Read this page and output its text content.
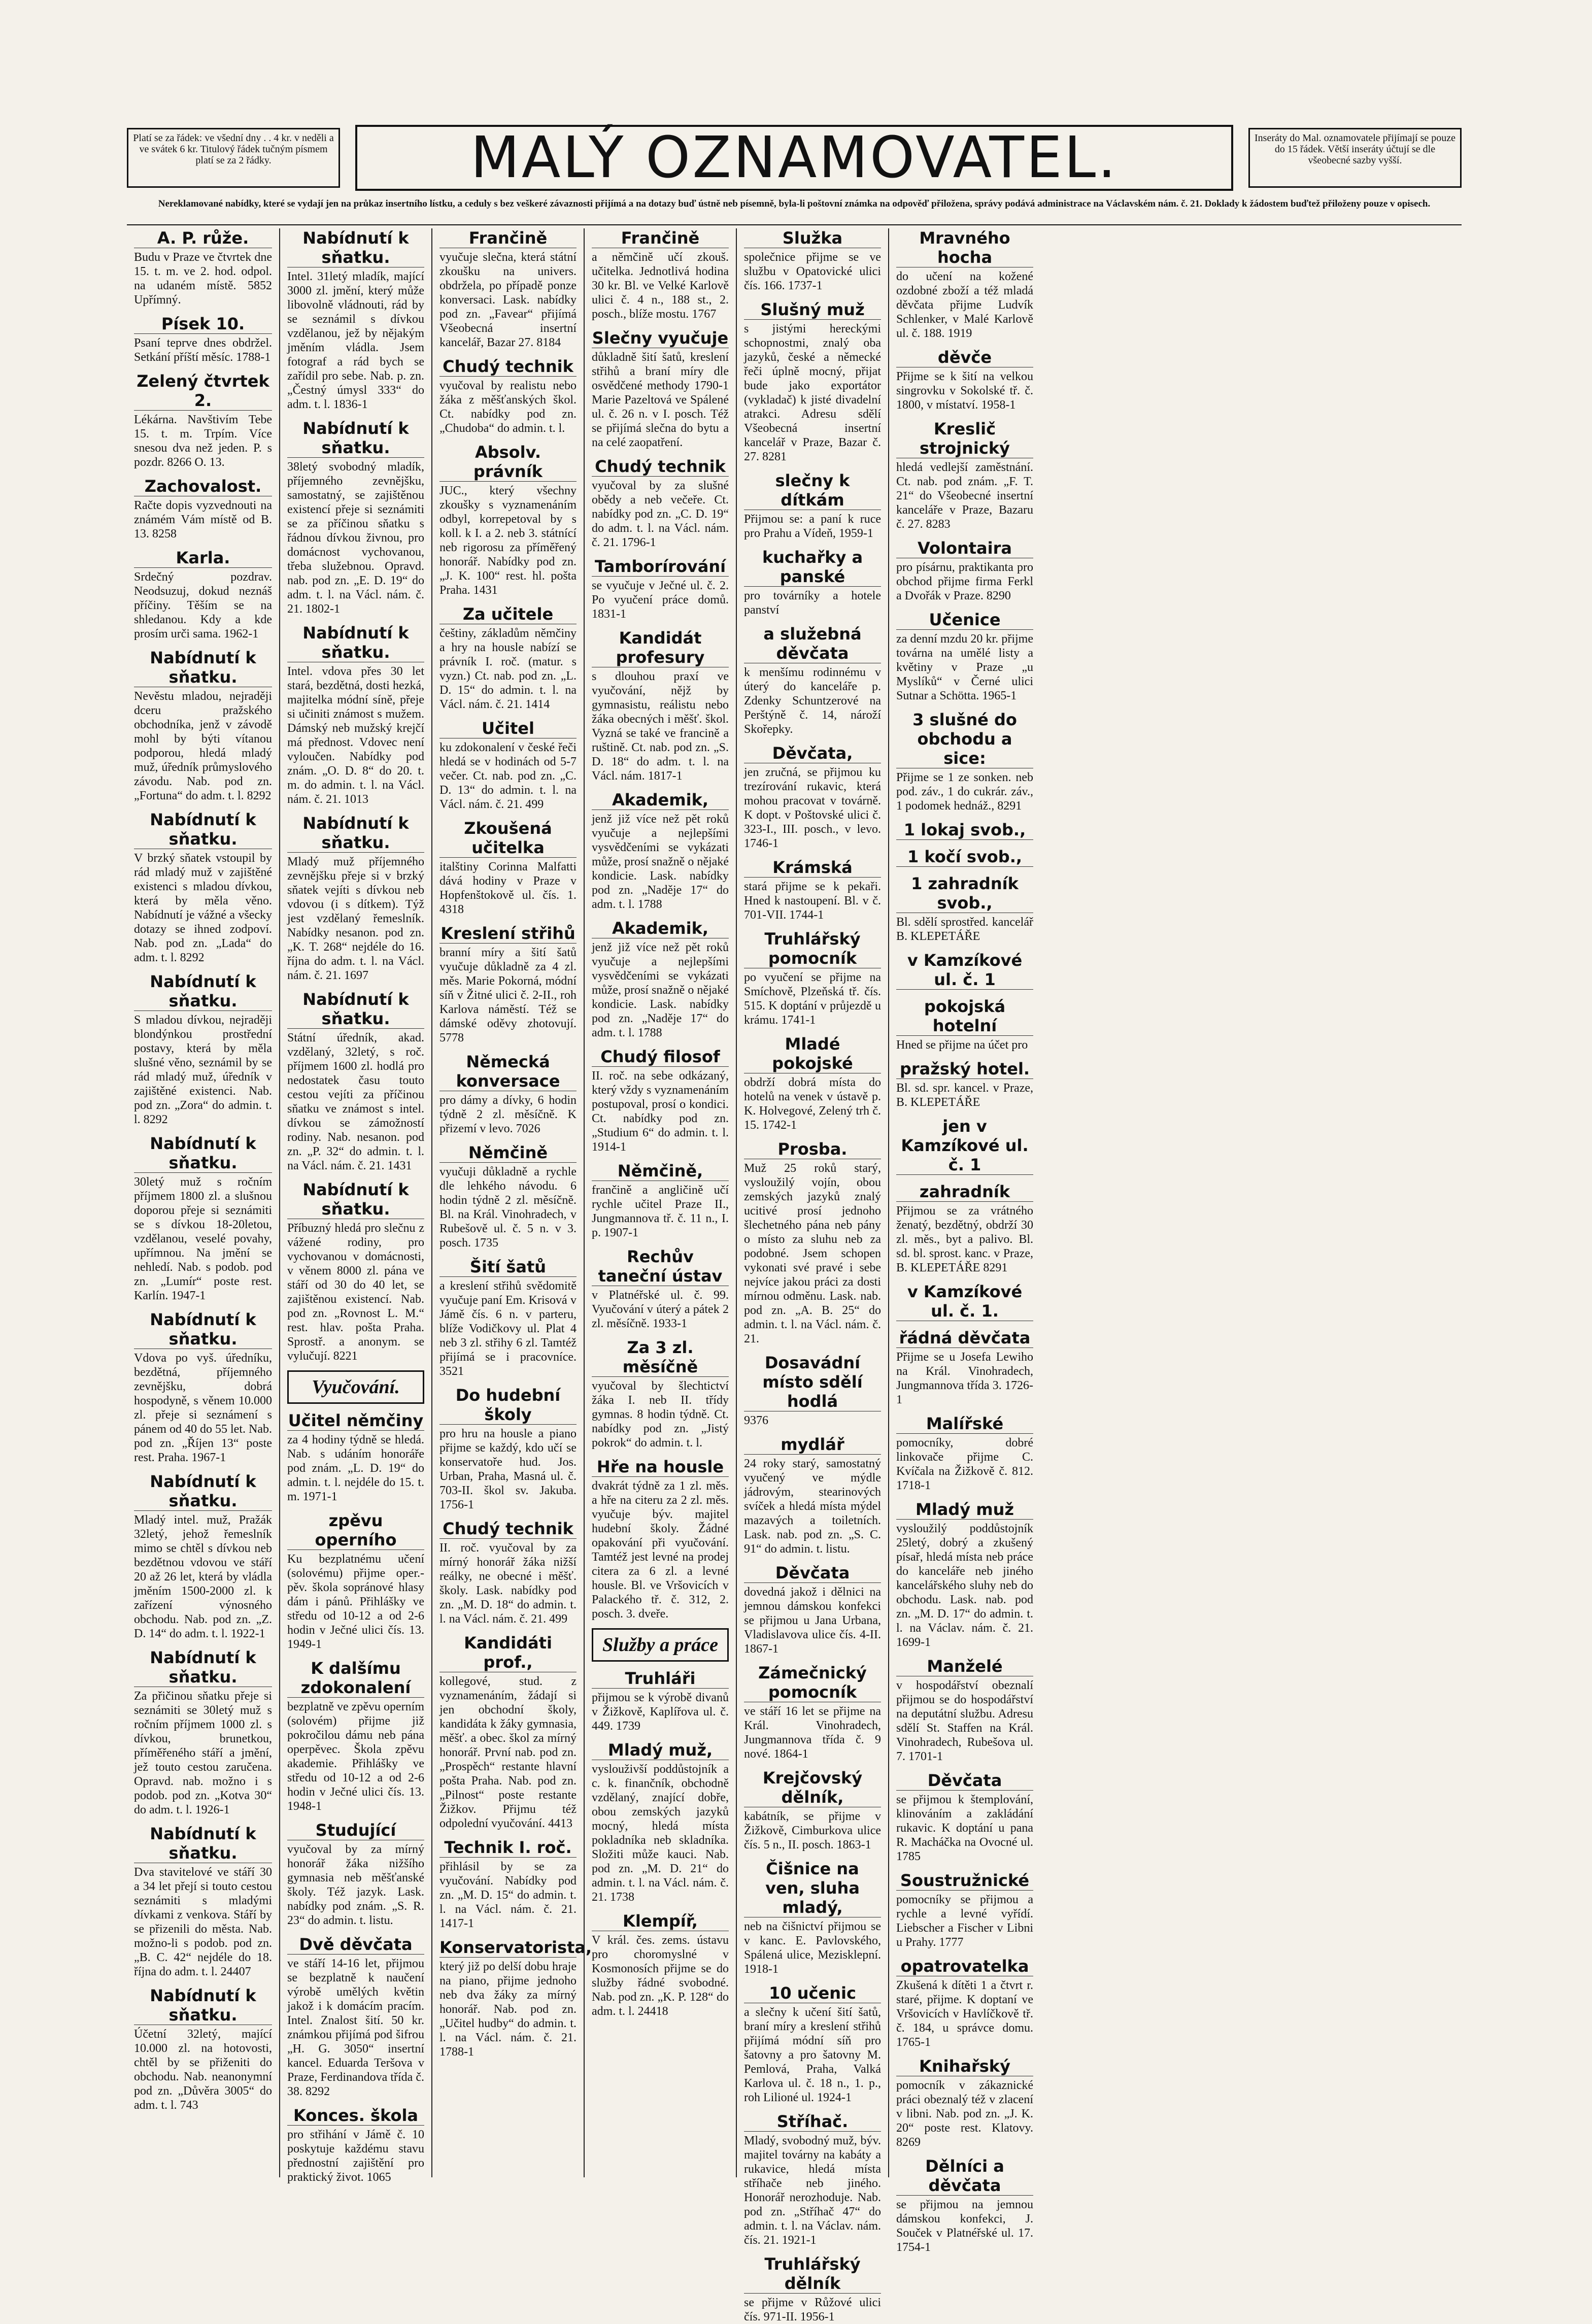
Platí se za řádek: ve všední dny . . 4 kr. v neděli a ve svátek 6 kr. Titulový řádek tučným písmem platí se za 2 řádky.	MALÝ OZNAMOVATEL.	Inseráty do Mal. oznamovatele přijímají se pouze do 15 řádek. Větší inseráty účtují se dle všeobecné sazby vyšší.
Nereklamované nabídky, které se vydají jen na průkaz insertního lístku, a ceduly s bez veškeré závaznosti přijímá a na dotazy buď ústně neb písemně, byla-li poštovní známka na odpověď přiložena, správy podává administrace na Václavském nám. č. 21. Doklady k žádostem buďtež přiloženy pouze v opisech.
A. P. růže.
Budu v Praze ve čtvrtek dne 15. t. m. ve 2. hod. odpol. na udaném místě. 5852 Upřímný.
Písek 10.
Psaní teprve dnes obdržel. Setkání příští měsíc. 1788-1
Zelený čtvrtek 2.
Lékárna. Navštivím Tebe 15. t. m. Trpím. Více snesou dva než jeden. P. s pozdr. 8266 O. 13.
Zachovalost.
Račte dopis vyzvednouti na známém Vám místě od B. 13. 8258
Karla.
Srdečný pozdrav. Neodsuzuj, dokud neznáš příčiny. Těším se na shledanou. Kdy a kde prosím urči sama. 1962-1
Nabídnutí k sňatku.
Nevěstu mladou, nejraději dceru pražského obchodníka, jenž v závodě mohl by býti vítanou podporou, hledá mladý muž, úředník průmyslového závodu. Nab. pod zn. „Fortuna“ do adm. t. l. 8292
Nabídnutí k sňatku.
V brzký sňatek vstoupil by rád mladý muž v zajištěné existenci s mladou dívkou, která by měla věno. Nabídnutí je vážné a všecky dotazy se ihned zodpoví. Nab. pod zn. „Lada“ do adm. t. l. 8292
Nabídnutí k sňatku.
S mladou dívkou, nejraději blondýnkou prostřední postavy, která by měla slušné věno, seznámil by se rád mladý muž, úředník v zajištěné existenci. Nab. pod zn. „Zora“ do admin. t. l. 8292
Nabídnutí k sňatku.
30letý muž s ročním příjmem 1800 zl. a slušnou doporou přeje si seznámiti se s dívkou 18-20letou, vzdělanou, veselé povahy, upřímnou. Na jmění se nehledí. Nab. s podob. pod zn. „Lumír“ poste rest. Karlín. 1947-1
Nabídnutí k sňatku.
Vdova po vyš. úředníku, bezdětná, příjemného zevnějšku, dobrá hospodyně, s věnem 10.000 zl. přeje si seznámení s pánem od 40 do 55 let. Nab. pod zn. „Říjen 13“ poste rest. Praha. 1967-1
Nabídnutí k sňatku.
Mladý intel. muž, Pražák 32letý, jehož řemeslník mimo se chtěl s dívkou neb bezdětnou vdovou ve stáří 20 až 26 let, která by vládla jměním 1500-2000 zl. k zařízení výnosného obchodu. Nab. pod zn. „Z. D. 14“ do adm. t. l. 1922-1
Nabídnutí k sňatku.
Za přičinou sňatku přeje si seznámiti se 30letý muž s ročním příjmem 1000 zl. s dívkou, brunetkou, příměřeného stáří a jmění, jež touto cestou zaručena. Opravd. nab. možno i s podob. pod zn. „Kotva 30“ do adm. t. l. 1926-1
Nabídnutí k sňatku.
Dva stavitelové ve stáří 30 a 34 let přejí si touto cestou seznámiti s mladými dívkami z venkova. Stáří by se přizenili do města. Nab. možno-li s podob. pod zn. „B. C. 42“ nejdéle do 18. října do adm. t. l. 24407
Nabídnutí k sňatku.
Účetní 32letý, mající 10.000 zl. na hotovosti, chtěl by se přiženiti do obchodu. Nab. neanonymní pod zn. „Důvěra 3005“ do adm. t. l. 743
Nabídnutí k sňatku.
Intel. 31letý mladík, mající 3000 zl. jmění, který může libovolně vládnouti, rád by se seznámil s dívkou vzdělanou, jež by nějakým jměním vládla. Jsem fotograf a rád bych se zařídil pro sebe. Nab. p. zn. „Čestný úmysl 333“ do adm. t. l. 1836-1
Nabídnutí k sňatku.
38letý svobodný mladík, příjemného zevnějšku, samostatný, se zajištěnou existencí přeje si seznámiti se za příčinou sňatku s řádnou dívkou živnou, pro domácnost vychovanou, třeba služebnou. Opravd. nab. pod zn. „E. D. 19“ do adm. t. l. na Václ. nám. č. 21. 1802-1
Nabídnutí k sňatku.
Intel. vdova přes 30 let stará, bezdětná, dosti hezká, majitelka módní síně, přeje si učiniti známost s mužem. Dámský neb mužský krejčí má přednost. Vdovec není vyloučen. Nabídky pod znám. „O. D. 8“ do 20. t. m. do admin. t. l. na Václ. nám. č. 21. 1013
Nabídnutí k sňatku.
Mladý muž příjemného zevnějšku přeje si v brzký sňatek vejíti s dívkou neb vdovou (i s dítkem). Týž jest vzdělaný řemeslník. Nabídky nesanon. pod zn. „K. T. 268“ nejdéle do 16. října do adm. t. l. na Václ. nám. č. 21. 1697
Nabídnutí k sňatku.
Státní úředník, akad. vzdělaný, 32letý, s roč. příjmem 1600 zl. hodlá pro nedostatek času touto cestou vejíti za příčinou sňatku ve známost s intel. dívkou se zámožností rodiny. Nab. nesanon. pod zn. „P. 32“ do admin. t. l. na Václ. nám. č. 21. 1431
Nabídnutí k sňatku.
Příbuzný hledá pro slečnu z vážené rodiny, pro vychovanou v domácnosti, v věnem 8000 zl. pána ve stáří od 30 do 40 let, se zajištěnou existencí. Nab. pod zn. „Rovnost L. M.“ rest. hlav. pošta Praha. Sprostř. a anonym. se vylučují. 8221
Vyučování.
Učitel němčiny
za 4 hodiny týdně se hledá. Nab. s udáním honoráře pod znám. „L. D. 19“ do admin. t. l. nejdéle do 15. t. m. 1971-1
zpěvu operního
Ku bezplatnému učení (solovému) přijme oper.-pěv. škola sopránové hlasy dám i pánů. Přihlášky ve středu od 10-12 a od 2-6 hodin v Ječné ulici čís. 13. 1949-1
K dalšímu zdokonalení
bezplatně ve zpěvu operním (solovém) přijme již pokročilou dámu neb pána operpěvec. Škola zpěvu akademie. Přihlášky ve středu od 10-12 a od 2-6 hodin v Ječné ulici čís. 13. 1948-1
Studující
vyučoval by za mírný honorář žáka nižšího gymnasia neb měšťanské školy. Též jazyk. Lask. nabídky pod znám. „S. R. 23“ do admin. t. listu.
Dvě děvčata
ve stáří 14-16 let, přijmou se bezplatně k naučení výrobě umělých květin jakož i k domácím pracím. Intel. Znalost šití. 50 kr. známkou přijímá pod šifrou „H. G. 3050“ insertní kancel. Eduarda Teršova v Praze, Ferdinandova třída č. 38. 8292
Konces. škola
pro střihání v Jámě č. 10 poskytuje každému stavu přednostní zajištění pro praktický život. 1065
Frančině
vyučuje slečna, která státní zkoušku na univers. obdržela, po případě ponze konversaci. Lask. nabídky pod zn. „Favear“ přijímá Všeobecná insertní kancelář, Bazar 27. 8184
Chudý technik
vyučoval by realistu nebo žáka z měšťanských škol. Ct. nabídky pod zn. „Chudoba“ do admin. t. l.
Absolv. právník
JUC., který všechny zkoušky s vyznamenáním odbyl, korrepetoval by s koll. k I. a 2. neb 3. státnící neb rigorosu za příměřený honorář. Nabídky pod zn. „J. K. 100“ rest. hl. pošta Praha. 1431
Za učitele
češtiny, základům němčiny a hry na housle nabízí se právník I. roč. (matur. s vyzn.) Ct. nab. pod zn. „L. D. 15“ do admin. t. l. na Václ. nám. č. 21. 1414
Učitel
ku zdokonalení v české řeči hledá se v hodinách od 5-7 večer. Ct. nab. pod zn. „C. D. 13“ do admin. t. l. na Václ. nám. č. 21. 499
Zkoušená učitelka
italštiny Corinna Malfatti dává hodiny v Praze v Hopfenštokově ul. čís. 1. 4318
Kreslení střihů
branní míry a šití šatů vyučuje důkladně za 4 zl. měs. Marie Pokorná, módní síň v Žitné ulici č. 2-II., roh Karlova náměstí. Též se dámské oděvy zhotovují. 5778
Německá konversace
pro dámy a dívky, 6 hodin týdně 2 zl. měsíčně. K přizemí v levo. 7026
Němčině
vyučuji důkladně a rychle dle lehkého návodu. 6 hodin týdně 2 zl. měsíčně. Bl. na Král. Vinohradech, v Rubešově ul. č. 5 n. v 3. posch. 1735
Šití šatů
a kreslení střihů svědomitě vyučuje paní Em. Krisová v Jámě čís. 6 n. v parteru, blíže Vodičkovy ul. Plat 4 neb 3 zl. střihy 6 zl. Tamtéž přijímá se i pracovníce. 3521
Do hudební školy
pro hru na housle a piano přijme se každý, kdo učí se konservatoře hud. Jos. Urban, Praha, Masná ul. č. 703-II. škol sv. Jakuba. 1756-1
Chudý technik
II. roč. vyučoval by za mírný honorář žáka nižší reálky, ne obecné i měšť. školy. Lask. nabídky pod zn. „M. D. 18“ do admin. t. l. na Václ. nám. č. 21. 499
Kandidáti prof.,
kollegové, stud. z vyznamenáním, žádají si jen obchodní školy, kandidáta k žáky gymnasia, měšť. a obec. škol za mírný honorář. První nab. pod zn. „Prospěch“ restante hlavní pošta Praha. Nab. pod zn. „Pilnost“ poste restante Žižkov. Přijmu též odpolední vyučování. 4413
Technik I. roč.
přihlásil by se za vyučování. Nabídky pod zn. „M. D. 15“ do admin. t. l. na Václ. nám. č. 21. 1417-1
Konservatorista,
který již po delší dobu hraje na piano, přijme jednoho neb dva žáky za mírný honorář. Nab. pod zn. „Učitel hudby“ do admin. t. l. na Václ. nám. č. 21. 1788-1
Frančině
a němčině učí zkouš. učitelka. Jednotlivá hodina 30 kr. Bl. ve Velké Karlově ulici č. 4 n., 188 st., 2. posch., blíže mostu. 1767
Slečny vyučuje
důkladně šití šatů, kreslení střihů a braní míry dle osvědčené methody 1790-1 Marie Pazeltová ve Spálené ul. č. 26 n. v I. posch. Též se přijímá slečna do bytu a na celé zaopatření.
Chudý technik
vyučoval by za slušné obědy a neb večeře. Ct. nabídky pod zn. „C. D. 19“ do adm. t. l. na Václ. nám. č. 21. 1796-1
Tamborírování
se vyučuje v Ječné ul. č. 2. Po vyučení práce domů. 1831-1
Kandidát profesury
s dlouhou praxí ve vyučování, nějž by gymnasistu, reálistu nebo žáka obecných i měšť. škol. Vyzná se také ve francině a ruštině. Ct. nab. pod zn. „S. D. 18“ do adm. t. l. na Václ. nám. 1817-1
Akademik,
jenž již více než pět roků vyučuje a nejlepšími vysvědčeními se vykázati může, prosí snažně o nějaké kondicie. Lask. nabídky pod zn. „Naděje 17“ do adm. t. l. 1788
Akademik,
jenž již více než pět roků vyučuje a nejlepšími vysvědčeními se vykázati může, prosí snažně o nějaké kondicie. Lask. nabídky pod zn. „Naděje 17“ do adm. t. l. 1788
Chudý filosof
II. roč. na sebe odkázaný, který vždy s vyznamenáním postupoval, prosí o kondici. Ct. nabídky pod zn. „Studium 6“ do admin. t. l. 1914-1
Němčině,
frančině a angličině učí rychle učitel Praze II., Jungmannova tř. č. 11 n., I. p. 1907-1
Rechův taneční ústav
v Platnéřské ul. č. 99. Vyučování v úterý a pátek 2 zl. měsíčně. 1933-1
Za 3 zl. měsíčně
vyučoval by šlechtictví žáka I. neb II. třídy gymnas. 8 hodin týdně. Ct. nabídky pod zn. „Jistý pokrok“ do admin. t. l.
Hře na housle
dvakrát týdně za 1 zl. měs. a hře na citeru za 2 zl. měs. vyučuje býv. majitel hudební školy. Žádné opakování při vyučování. Tamtéž jest levné na prodej citera za 6 zl. a levné housle. Bl. ve Vršovicích v Palackého tř. č. 312, 2. posch. 3. dveře.
Služby a práce
Truhláři
přijmou se k výrobě divanů v Žižkově, Kaplířova ul. č. 449. 1739
Mladý muž,
vyslouživší poddůstojník a c. k. finančník, obchodně vzdělaný, znající dobře, obou zemských jazyků mocný, hledá místa pokladníka neb skladníka. Složiti může kauci. Nab. pod zn. „M. D. 21“ do admin. t. l. na Václ. nám. č. 21. 1738
Klempíř,
V král. čes. zems. ústavu pro choromyslné v Kosmonosích přijme se do služby řádné svobodné. Nab. pod zn. „K. P. 128“ do adm. t. l. 24418
Služka
společnice přijme se ve službu v Opatovické ulici čís. 166. 1737-1
Slušný muž
s jistými hereckými schopnostmi, znalý oba jazyků, české a německé řeči úplně mocný, přijat bude jako exportátor (vykladač) k jisté divadelní atrakci. Adresu sdělí Všeobecná insertní kancelář v Praze, Bazar č. 27. 8281
slečny k dítkám
Přijmou se: a paní k ruce pro Prahu a Vídeň, 1959-1
kuchařky a panské
pro továrníky a hotele panství
a služebná děvčata
k menšímu rodinnému v úterý do kanceláře p. Zdenky Schuntzerové na Perštýně č. 14, nároží Skořepky.
Děvčata,
jen zručná, se přijmou ku trezírování rukavic, která mohou pracovat v továrně. K dopt. v Poštovské ulici č. 323-I., III. posch., v levo. 1746-1
Krámská
stará přijme se k pekaři. Hned k nastoupení. Bl. v č. 701-VII. 1744-1
Truhlářský pomocník
po vyučení se přijme na Smíchově, Plzeňská tř. čís. 515. K doptání v průjezdě u krámu. 1741-1
Mladé pokojské
obdrží dobrá místa do hotelů na venek v ústavě p. K. Holvegové, Zelený trh č. 15. 1742-1
Prosba.
Muž 25 roků starý, vysloužilý vojín, obou zemských jazyků znalý ucitivé prosí jednoho šlechetného pána neb pány o místo za sluhu neb za podobné. Jsem schopen vykonati své pravé i sebe nejvíce jakou práci za dosti mírnou odměnu. Lask. nab. pod zn. „A. B. 25“ do admin. t. l. na Václ. nám. č. 21.
Dosavádní místo sdělí hodlá
9376
mydlář
24 roky starý, samostatný vyučený ve mýdle jádrovým, stearinových svíček a hledá místa mýdel mazavých a toiletních. Lask. nab. pod zn. „S. C. 91“ do admin. t. listu.
Děvčata
dovedná jakož i dělnici na jemnou dámskou konfekci se přijmou u Jana Urbana, Vladislavova ulice čís. 4-II. 1867-1
Zámečnický pomocník
ve stáří 16 let se přijme na Král. Vinohradech, Jungmannova třída č. 9 nové. 1864-1
Krejčovský dělník,
kabátník, se přijme v Žižkově, Cimburkova ulice čís. 5 n., II. posch. 1863-1
Čišnice na ven, sluha mladý,
neb na čišnictví přijmou se v kanc. E. Pavlovského, Spálená ulice, Mezisklepní. 1918-1
10 učenic
a slečny k učení šití šatů, braní míry a kreslení střihů přijímá módní síň pro šatovny a pro šatovny M. Pemlová, Praha, Valká Karlova ul. č. 18 n., 1. p., roh Lilioné ul. 1924-1
Stříhač.
Mladý, svobodný muž, býv. majitel továrny na kabáty a rukavice, hledá místa stříhače neb jiného. Honorář nerozhoduje. Nab. pod zn. „Stříhač 47“ do admin. t. l. na Václav. nám. čís. 21. 1921-1
Truhlářský dělník
se přijme v Růžové ulici čís. 971-II. 1956-1
Mravného hocha
do učení na kožené ozdobné zboží a též mladá děvčata přijme Ludvík Schlenker, v Malé Karlově ul. č. 188. 1919
děvče
Přijme se k šití na velkou singrovku v Sokolské tř. č. 1800, v místatví. 1958-1
Kreslič strojnický
hledá vedlejší zaměstnání. Ct. nab. pod znám. „F. T. 21“ do Všeobecné insertní kanceláře v Praze, Bazaru č. 27. 8283
Volontaira
pro písárnu, praktikanta pro obchod přijme firma Ferkl a Dvořák v Praze. 8290
Učenice
za denní mzdu 20 kr. přijme továrna na umělé listy a květiny v Praze „u Myslíků“ v Černé ulici Sutnar a Schötta. 1965-1
3 slušné do obchodu a sice:
Přijme se 1 ze sonken. neb pod. záv., 1 do cukrár. záv., 1 podomek hednáž., 8291
1 lokaj svob.,
1 kočí svob.,
1 zahradník svob.,
Bl. sdělí sprostřed. kancelář B. KLEPETÁŘE
v Kamzíkové ul. č. 1
pokojská hotelní
Hned se přijme na účet pro
pražský hotel.
Bl. sd. spr. kancel. v Praze, B. KLEPETÁŘE
jen v Kamzíkové ul. č. 1
zahradník
Přijmou se za vrátného ženatý, bezdětný, obdrží 30 zl. měs., byt a palivo. Bl. sd. bl. sprost. kanc. v Praze, B. KLEPETÁŘE 8291
v Kamzíkové ul. č. 1.
řádná děvčata
Přijme se u Josefa Lewiho na Král. Vinohradech, Jungmannova třída 3. 1726-1
Malířské
pomocníky, dobré linkovače přijme C. Kvíčala na Žižkově č. 812. 1718-1
Mladý muž
vysloužilý poddůstojník 25letý, dobrý a zkušený písař, hledá místa neb práce do kanceláře neb jiného kancelářského sluhy neb do obchodu. Lask. nab. pod zn. „M. D. 17“ do admin. t. l. na Václav. nám. č. 21. 1699-1
Manželé
v hospodářství obeznalí přijmou se do hospodářství na deputátní službu. Adresu sdělí St. Staffen na Král. Vinohradech, Rubešova ul. 7. 1701-1
Děvčata
se přijmou k štemplování, klinováním a zakládání rukavic. K doptání u pana R. Macháčka na Ovocné ul. 1785
Soustružnické
pomocníky se přijmou a rychle a levné vyřídí. Liebscher a Fischer v Libni u Prahy. 1777
opatrovatelka
Zkušená k dítěti 1 a čtvrt r. staré, přijme. K doptaní ve Vršovicích v Havlíčkově tř. č. 184, u správce domu. 1765-1
Knihařský
pomocník v zákaznické práci obeznalý též v zlacení v libni. Nab. pod zn. „J. K. 20“ poste rest. Klatovy. 8269
Dělníci a děvčata
se přijmou na jemnou dámskou konfekci, J. Souček v Platnéřské ul. 17. 1754-1
